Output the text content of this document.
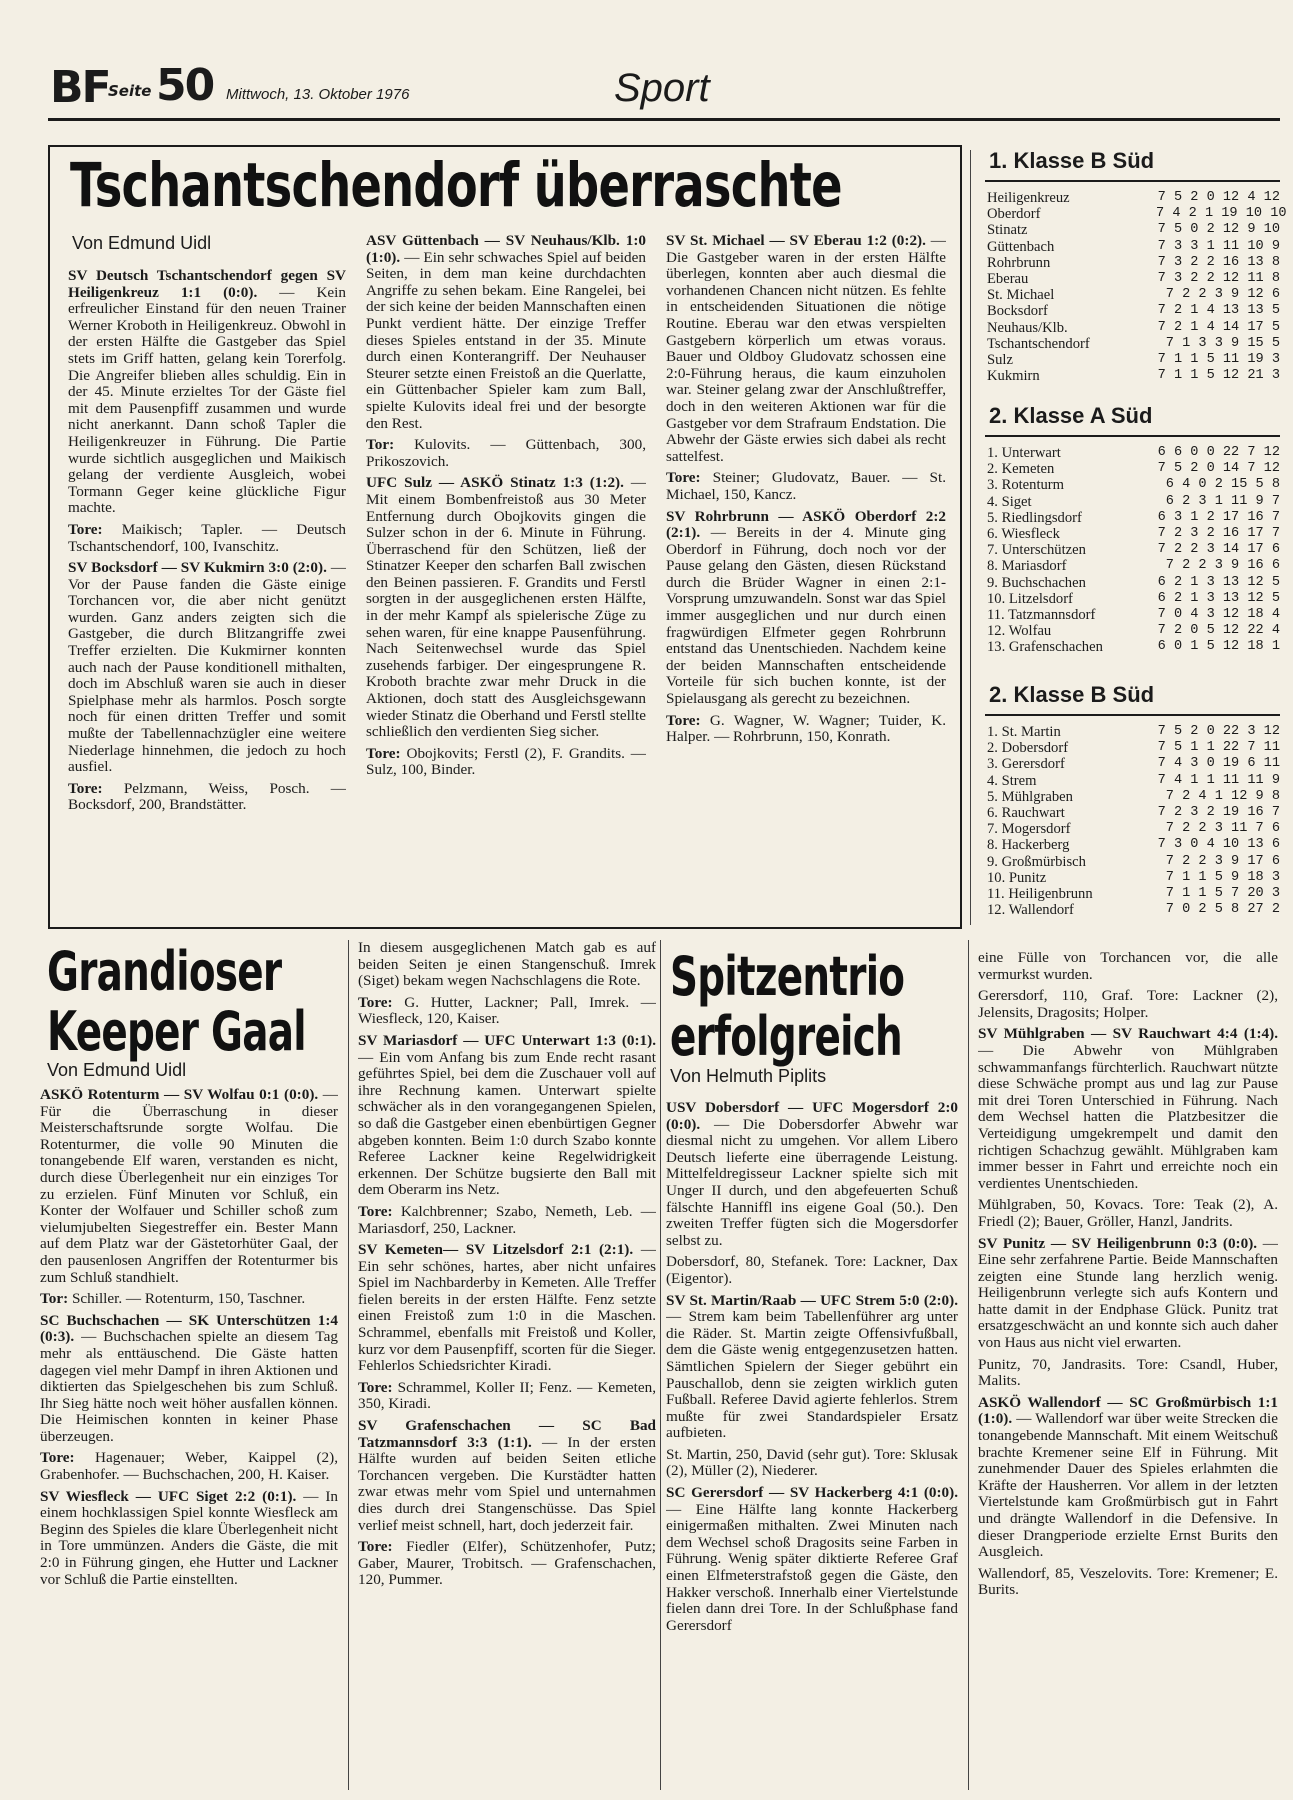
BF
Seite 50 Mittwoch, 13. Oktober 1976	Sport
Tschantschendorf überraschte
Von Edmund Uidl

SV Deutsch Tschantschendorf gegen SV Heiligenkreuz 1:1 (0:0). — Kein erfreulicher Einstand für den neuen Trainer Werner Kroboth in Heiligenkreuz. Obwohl in der ersten Hälfte die Gastgeber das Spiel stets im Griff hatten, gelang kein Torerfolg. Die Angreifer blieben alles schuldig. Ein in der 45. Minute erzieltes Tor der Gäste fiel mit dem Pausenpfiff zusammen und wurde nicht anerkannt. Dann schoß Tapler die Heiligenkreuzer in Führung. Die Partie wurde sichtlich ausgeglichen und Maikisch gelang der verdiente Ausgleich, wobei Tormann Geger keine glückliche Figur machte.

Tore: Maikisch; Tapler. — Deutsch Tschantschendorf, 100, Ivanschitz.

SV Bocksdorf — SV Kukmirn 3:0 (2:0). — Vor der Pause fanden die Gäste einige Torchancen vor, die aber nicht genützt wurden. Ganz anders zeigten sich die Gastgeber, die durch Blitzangriffe zwei Treffer erzielten. Die Kukmirner konnten auch nach der Pause konditionell mithalten, doch im Abschluß waren sie auch in dieser Spielphase mehr als harmlos. Posch sorgte noch für einen dritten Treffer und somit mußte der Tabellennachzügler eine weitere Niederlage hinnehmen, die jedoch zu hoch ausfiel.

Tore: Pelzmann, Weiss, Posch. — Bocksdorf, 200, Brandstätter.

ASV Güttenbach — SV Neuhaus/Klb. 1:0 (1:0). — Ein sehr schwaches Spiel auf beiden Seiten, in dem man keine durchdachten Angriffe zu sehen bekam. Eine Rangelei, bei der sich keine der beiden Mannschaften einen Punkt verdient hätte. Der einzige Treffer dieses Spieles entstand in der 35. Minute durch einen Konterangriff. Der Neuhauser Steurer setzte einen Freistoß an die Querlatte, ein Güttenbacher Spieler kam zum Ball, spielte Kulovits ideal frei und der besorgte den Rest.

Tor: Kulovits. — Güttenbach, 300, Prikoszovich.

UFC Sulz — ASKÖ Stinatz 1:3 (1:2). — Mit einem Bombenfreistoß aus 30 Meter Entfernung durch Obojkovits gingen die Sulzer schon in der 6. Minute in Führung. Überraschend für den Schützen, ließ der Stinatzer Keeper den scharfen Ball zwischen den Beinen passieren. F. Grandits und Ferstl sorgten in der ausgeglichenen ersten Hälfte, in der mehr Kampf als spielerische Züge zu sehen waren, für eine knappe Pausenführung. Nach Seitenwechsel wurde das Spiel zusehends farbiger. Der eingesprungene R. Kroboth brachte zwar mehr Druck in die Aktionen, doch statt des Ausgleichsgewann wieder Stinatz die Oberhand und Ferstl stellte schließlich den verdienten Sieg sicher.

Tore: Obojkovits; Ferstl (2), F. Grandits. — Sulz, 100, Binder.

SV St. Michael — SV Eberau 1:2 (0:2). — Die Gastgeber waren in der ersten Hälfte überlegen, konnten aber auch diesmal die vorhandenen Chancen nicht nützen. Es fehlte in entscheidenden Situationen die nötige Routine. Eberau war den etwas verspielten Gastgebern körperlich um etwas voraus. Bauer und Oldboy Gludovatz schossen eine 2:0-Führung heraus, die kaum einzuholen war. Steiner gelang zwar der Anschlußtreffer, doch in den weiteren Aktionen war für die Gastgeber vor dem Strafraum Endstation. Die Abwehr der Gäste erwies sich dabei als recht sattelfest.

Tore: Steiner; Gludovatz, Bauer. — St. Michael, 150, Kancz.

SV Rohrbrunn — ASKÖ Oberdorf 2:2 (2:1). — Bereits in der 4. Minute ging Oberdorf in Führung, doch noch vor der Pause gelang den Gästen, diesen Rückstand durch die Brüder Wagner in einen 2:1-Vorsprung umzuwandeln. Sonst war das Spiel immer ausgeglichen und nur durch einen fragwürdigen Elfmeter gegen Rohrbrunn entstand das Unentschieden. Nachdem keine der beiden Mannschaften entscheidende Vorteile für sich buchen konnte, ist der Spielausgang als gerecht zu bezeichnen.

Tore: G. Wagner, W. Wagner; Tuider, K. Halper. — Rohrbrunn, 150, Konrath.

1. Klasse B Süd
Heiligenkreuz	7 5 2 0 12 4 12
Oberdorf	7 4 2 1 19 10 10
Stinatz	7 5 0 2 12 9 10
Güttenbach	7 3 3 1 11 10 9
Rohrbrunn	7 3 2 2 16 13 8
Eberau	7 3 2 2 12 11 8
St. Michael	7 2 2 3 9 12 6
Bocksdorf	7 2 1 4 13 13 5
Neuhaus/Klb.	7 2 1 4 14 17 5
Tschantschendorf	7 1 3 3 9 15 5
Sulz	7 1 1 5 11 19 3
Kukmirn	7 1 1 5 12 21 3
2. Klasse A Süd
1. Unterwart	6 6 0 0 22 7 12
2. Kemeten	7 5 2 0 14 7 12
3. Rotenturm	6 4 0 2 15 5 8
4. Siget	6 2 3 1 11 9 7
5. Riedlingsdorf	6 3 1 2 17 16 7
6. Wiesfleck	7 2 3 2 16 17 7
7. Unterschützen	7 2 2 3 14 17 6
8. Mariasdorf	7 2 2 3 9 16 6
9. Buchschachen	6 2 1 3 13 12 5
10. Litzelsdorf	6 2 1 3 13 12 5
11. Tatzmannsdorf	7 0 4 3 12 18 4
12. Wolfau	7 2 0 5 12 22 4
13. Grafenschachen	6 0 1 5 12 18 1
2. Klasse B Süd
1. St. Martin	7 5 2 0 22 3 12
2. Dobersdorf	7 5 1 1 22 7 11
3. Gerersdorf	7 4 3 0 19 6 11
4. Strem	7 4 1 1 11 11 9
5. Mühlgraben	7 2 4 1 12 9 8
6. Rauchwart	7 2 3 2 19 16 7
7. Mogersdorf	7 2 2 3 11 7 6
8. Hackerberg	7 3 0 4 10 13 6
9. Großmürbisch	7 2 2 3 9 17 6
10. Punitz	7 1 1 5 9 18 3
11. Heiligenbrunn	7 1 1 5 7 20 3
12. Wallendorf	7 0 2 5 8 27 2
Grandioser
Keeper Gaal
Von Edmund Uidl

ASKÖ Rotenturm — SV Wolfau 0:1 (0:0). — Für die Überraschung in dieser Meisterschaftsrunde sorgte Wolfau. Die Rotenturmer, die volle 90 Minuten die tonangebende Elf waren, verstanden es nicht, durch diese Überlegenheit nur ein einziges Tor zu erzielen. Fünf Minuten vor Schluß, ein Konter der Wolfauer und Schiller schoß zum vielumjubelten Siegestreffer ein. Bester Mann auf dem Platz war der Gästetorhüter Gaal, der den pausenlosen Angriffen der Rotenturmer bis zum Schluß standhielt.

Tor: Schiller. — Rotenturm, 150, Taschner.

SC Buchschachen — SK Unterschützen 1:4 (0:3). — Buchschachen spielte an diesem Tag mehr als enttäuschend. Die Gäste hatten dagegen viel mehr Dampf in ihren Aktionen und diktierten das Spielgeschehen bis zum Schluß. Ihr Sieg hätte noch weit höher ausfallen können. Die Heimischen konnten in keiner Phase überzeugen.

Tore: Hagenauer; Weber, Kaippel (2), Grabenhofer. — Buchschachen, 200, H. Kaiser.

SV Wiesfleck — UFC Siget 2:2 (0:1). — In einem hochklassigen Spiel konnte Wiesfleck am Beginn des Spieles die klare Überlegenheit nicht in Tore ummünzen. Anders die Gäste, die mit 2:0 in Führung gingen, ehe Hutter und Lackner vor Schluß die Partie einstellten.

In diesem ausgeglichenen Match gab es auf beiden Seiten je einen Stangenschuß. Imrek (Siget) bekam wegen Nachschlagens die Rote.

Tore: G. Hutter, Lackner; Pall, Imrek. — Wiesfleck, 120, Kaiser.

SV Mariasdorf — UFC Unterwart 1:3 (0:1). — Ein vom Anfang bis zum Ende recht rasant geführtes Spiel, bei dem die Zuschauer voll auf ihre Rechnung kamen. Unterwart spielte schwächer als in den vorangegangenen Spielen, so daß die Gastgeber einen ebenbürtigen Gegner abgeben konnten. Beim 1:0 durch Szabo konnte Referee Lackner keine Regelwidrigkeit erkennen. Der Schütze bugsierte den Ball mit dem Oberarm ins Netz.

Tore: Kalchbrenner; Szabo, Nemeth, Leb. — Mariasdorf, 250, Lackner.

SV Kemeten— SV Litzelsdorf 2:1 (2:1). — Ein sehr schönes, hartes, aber nicht unfaires Spiel im Nachbarderby in Kemeten. Alle Treffer fielen bereits in der ersten Hälfte. Fenz setzte einen Freistoß zum 1:0 in die Maschen. Schrammel, ebenfalls mit Freistoß und Koller, kurz vor dem Pausenpfiff, scorten für die Sieger. Fehlerlos Schiedsrichter Kiradi.

Tore: Schrammel, Koller II; Fenz. — Kemeten, 350, Kiradi.

SV Grafenschachen — SC Bad Tatzmannsdorf 3:3 (1:1). — In der ersten Hälfte wurden auf beiden Seiten etliche Torchancen vergeben. Die Kurstädter hatten zwar etwas mehr vom Spiel und unternahmen dies durch drei Stangenschüsse. Das Spiel verlief meist schnell, hart, doch jederzeit fair.

Tore: Fiedler (Elfer), Schützenhofer, Putz; Gaber, Maurer, Trobitsch. — Grafenschachen, 120, Pummer.

Spitzentrio
erfolgreich
Von Helmuth Piplits

USV Dobersdorf — UFC Mogersdorf 2:0 (0:0). — Die Dobersdorfer Abwehr war diesmal nicht zu umgehen. Vor allem Libero Deutsch lieferte eine überragende Leistung. Mittelfeldregisseur Lackner spielte sich mit Unger II durch, und den abgefeuerten Schuß fälschte Hanniffl ins eigene Goal (50.). Den zweiten Treffer fügten sich die Mogersdorfer selbst zu.

Dobersdorf, 80, Stefanek. Tore: Lackner, Dax (Eigentor).

SV St. Martin/Raab — UFC Strem 5:0 (2:0). — Strem kam beim Tabellenführer arg unter die Räder. St. Martin zeigte Offensivfußball, dem die Gäste wenig entgegenzusetzen hatten. Sämtlichen Spielern der Sieger gebührt ein Pauschallob, denn sie zeigten wirklich guten Fußball. Referee David agierte fehlerlos. Strem mußte für zwei Standardspieler Ersatz aufbieten.

St. Martin, 250, David (sehr gut). Tore: Sklusak (2), Müller (2), Niederer.

SC Gerersdorf — SV Hackerberg 4:1 (0:0). — Eine Hälfte lang konnte Hackerberg einigermaßen mithalten. Zwei Minuten nach dem Wechsel schoß Dragosits seine Farben in Führung. Wenig später diktierte Referee Graf einen Elfmeterstrafstoß gegen die Gäste, den Hakker verschoß. Innerhalb einer Viertelstunde fielen dann drei Tore. In der Schlußphase fand Gerersdorf

eine Fülle von Torchancen vor, die alle vermurkst wurden.

Gerersdorf, 110, Graf. Tore: Lackner (2), Jelensits, Dragosits; Holper.

SV Mühlgraben — SV Rauchwart 4:4 (1:4). — Die Abwehr von Mühlgraben schwammanfangs fürchterlich. Rauchwart nützte diese Schwäche prompt aus und lag zur Pause mit drei Toren Unterschied in Führung. Nach dem Wechsel hatten die Platzbesitzer die Verteidigung umgekrempelt und damit den richtigen Schachzug gewählt. Mühlgraben kam immer besser in Fahrt und erreichte noch ein verdientes Unentschieden.

Mühlgraben, 50, Kovacs. Tore: Teak (2), A. Friedl (2); Bauer, Gröller, Hanzl, Jandrits.

SV Punitz — SV Heiligenbrunn 0:3 (0:0). — Eine sehr zerfahrene Partie. Beide Mannschaften zeigten eine Stunde lang herzlich wenig. Heiligenbrunn verlegte sich aufs Kontern und hatte damit in der Endphase Glück. Punitz trat ersatzgeschwächt an und konnte sich auch daher von Haus aus nicht viel erwarten.

Punitz, 70, Jandrasits. Tore: Csandl, Huber, Malits.

ASKÖ Wallendorf — SC Großmürbisch 1:1 (1:0). — Wallendorf war über weite Strecken die tonangebende Mannschaft. Mit einem Weitschuß brachte Kremener seine Elf in Führung. Mit zunehmender Dauer des Spieles erlahmten die Kräfte der Hausherren. Vor allem in der letzten Viertelstunde kam Großmürbisch gut in Fahrt und drängte Wallendorf in die Defensive. In dieser Drangperiode erzielte Ernst Burits den Ausgleich.

Wallendorf, 85, Veszelovits. Tore: Kremener; E. Burits.
